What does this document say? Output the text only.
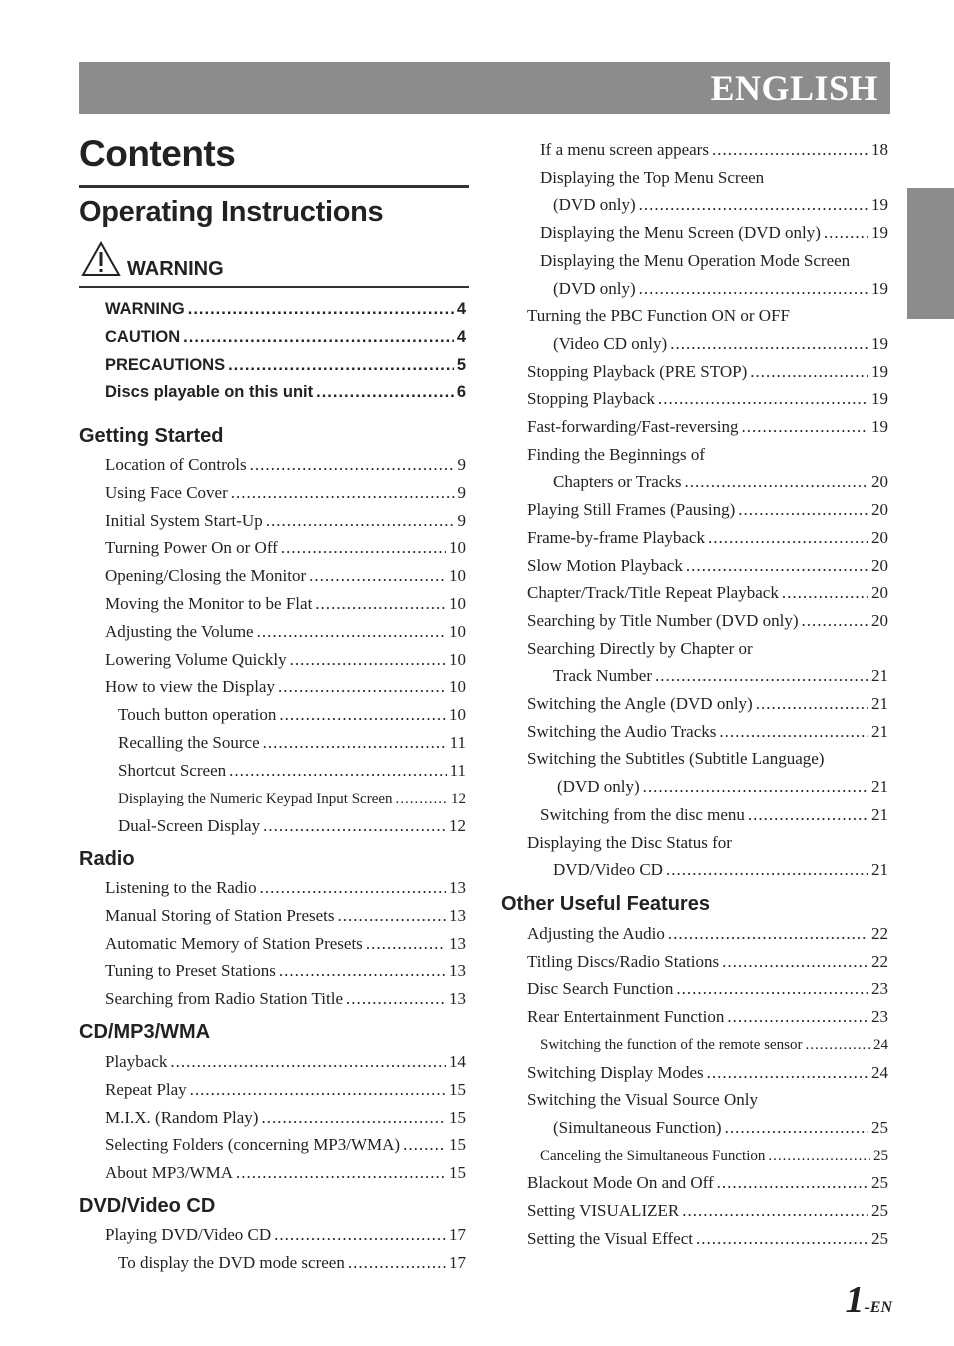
ENGLISH
Contents
Operating Instructions
WARNING
1-EN
WARNING .....	4
CAUTION .....	4
PRECAUTIONS .....	5
Discs playable on this unit .....	6
Getting Started
Location of Controls .....	9
Using Face Cover .....	9
Initial System Start-Up .....	9
Turning Power On or Off .....	10
Opening/Closing the Monitor .....	10
Moving the Monitor to be Flat .....	10
Adjusting the Volume .....	10
Lowering Volume Quickly .....	10
How to view the Display .....	10
Touch button operation .....	10
Recalling the Source .....	11
Shortcut Screen .....	11
Displaying the Numeric Keypad Input Screen .....	12
Dual-Screen Display .....	12
Radio
Listening to the Radio .....	13
Manual Storing of Station Presets .....	13
Automatic Memory of Station Presets .....	13
Tuning to Preset Stations .....	13
Searching from Radio Station Title .....	13
CD/MP3/WMA
Playback .....	14
Repeat Play .....	15
M.I.X. (Random Play) .....	15
Selecting Folders (concerning MP3/WMA) .....	15
About MP3/WMA .....	15
DVD/Video CD
Playing DVD/Video CD .....	17
To display the DVD mode screen .....	17
If a menu screen appears .....	18
Displaying the Top Menu Screen
(DVD only) .....	19
Displaying the Menu Screen (DVD only) .....	19
Displaying the Menu Operation Mode Screen
(DVD only) .....	19
Turning the PBC Function ON or OFF
(Video CD only) .....	19
Stopping Playback (PRE STOP) .....	19
Stopping Playback .....	19
Fast-forwarding/Fast-reversing .....	19
Finding the Beginnings of
Chapters or Tracks .....	20
Playing Still Frames (Pausing) .....	20
Frame-by-frame Playback .....	20
Slow Motion Playback .....	20
Chapter/Track/Title Repeat Playback .....	20
Searching by Title Number (DVD only) .....	20
Searching Directly by Chapter or
Track Number .....	21
Switching the Angle (DVD only) .....	21
Switching the Audio Tracks .....	21
Switching the Subtitles (Subtitle Language)
(DVD only) .....	21
Switching from the disc menu .....	21
Displaying the Disc Status for
DVD/Video CD .....	21
Other Useful Features
Adjusting the Audio .....	22
Titling Discs/Radio Stations .....	22
Disc Search Function .....	23
Rear Entertainment Function .....	23
Switching the function of the remote sensor .....	24
Switching Display Modes .....	24
Switching the Visual Source Only
(Simultaneous Function) .....	25
Canceling the Simultaneous Function .....	25
Blackout Mode On and Off .....	25
Setting VISUALIZER .....	25
Setting the Visual Effect .....	25
